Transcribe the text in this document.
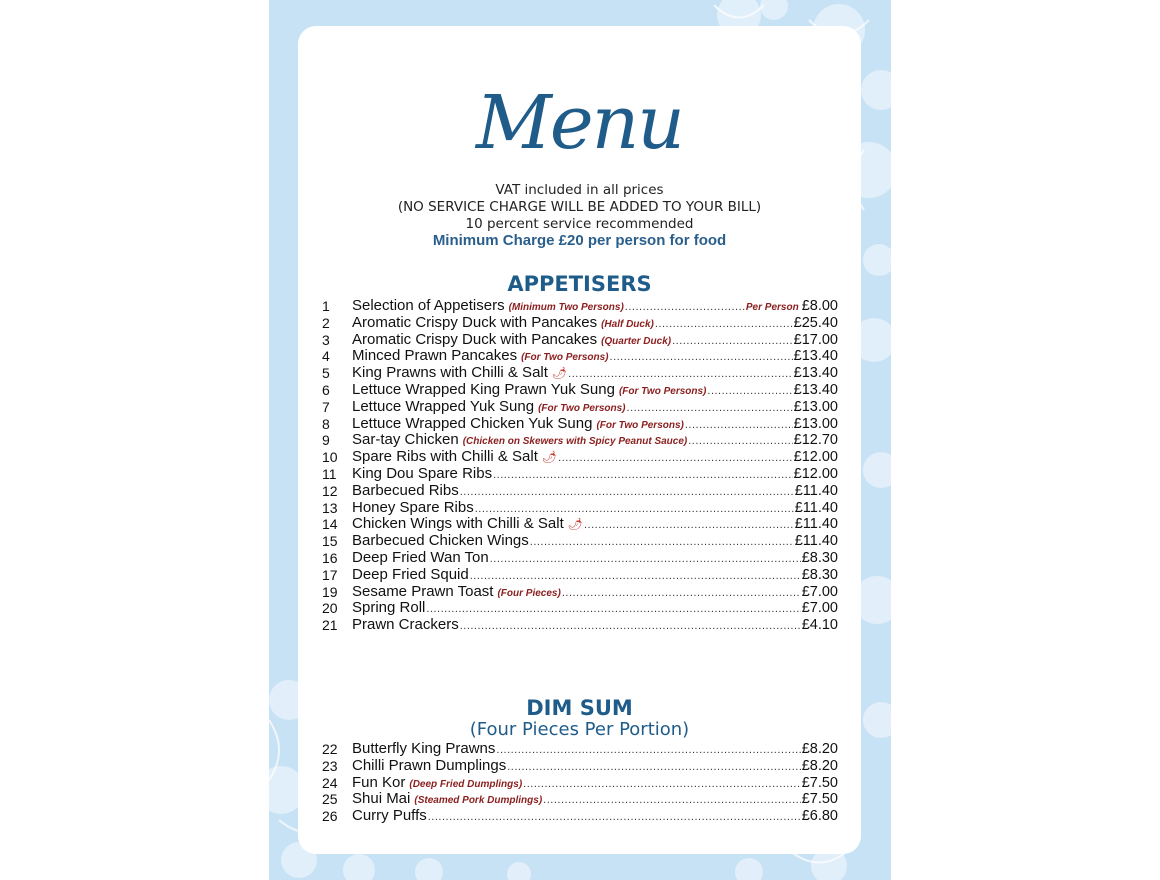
Menu
VAT included in all prices
(NO SERVICE CHARGE WILL BE ADDED TO YOUR BILL)
10 percent service recommended
Minimum Charge £20 per person for food
APPETISERS
1	Selection of Appetisers (Minimum Two Persons) .....	Per Person £8.00
2	Aromatic Crispy Duck with Pancakes (Half Duck) .....	£25.40
3	Aromatic Crispy Duck with Pancakes (Quarter Duck) .....	£17.00
4	Minced Prawn Pancakes (For Two Persons) .....	£13.40
5	King Prawns with Chilli & Salt 🌶 .....	£13.40
6	Lettuce Wrapped King Prawn Yuk Sung (For Two Persons) .....	£13.40
7	Lettuce Wrapped Yuk Sung (For Two Persons) .....	£13.00
8	Lettuce Wrapped Chicken Yuk Sung (For Two Persons) .....	£13.00
9	Sar-tay Chicken (Chicken on Skewers with Spicy Peanut Sauce) .....	£12.70
10 Spare Ribs with Chilli & Salt 🌶 .....	£12.00
11	King Dou Spare Ribs .....	£12.00
12 Barbecued Ribs .....	£11.40
13 Honey Spare Ribs .....	£11.40
14 Chicken Wings with Chilli & Salt 🌶 .....	£11.40
15 Barbecued Chicken Wings .....	£11.40
16 Deep Fried Wan Ton .....	£8.30
17 Deep Fried Squid .....	£8.30
19 Sesame Prawn Toast (Four Pieces) .....	£7.00
20 Spring Roll .....	£7.00
21 Prawn Crackers .....	£4.10
DIM SUM
(Four Pieces Per Portion)
22 Butterfly King Prawns .....	£8.20
23 Chilli Prawn Dumplings .....	£8.20
24 Fun Kor (Deep Fried Dumplings) .....	£7.50
25 Shui Mai (Steamed Pork Dumplings) .....	£7.50
26 Curry Puffs .....	£6.80
